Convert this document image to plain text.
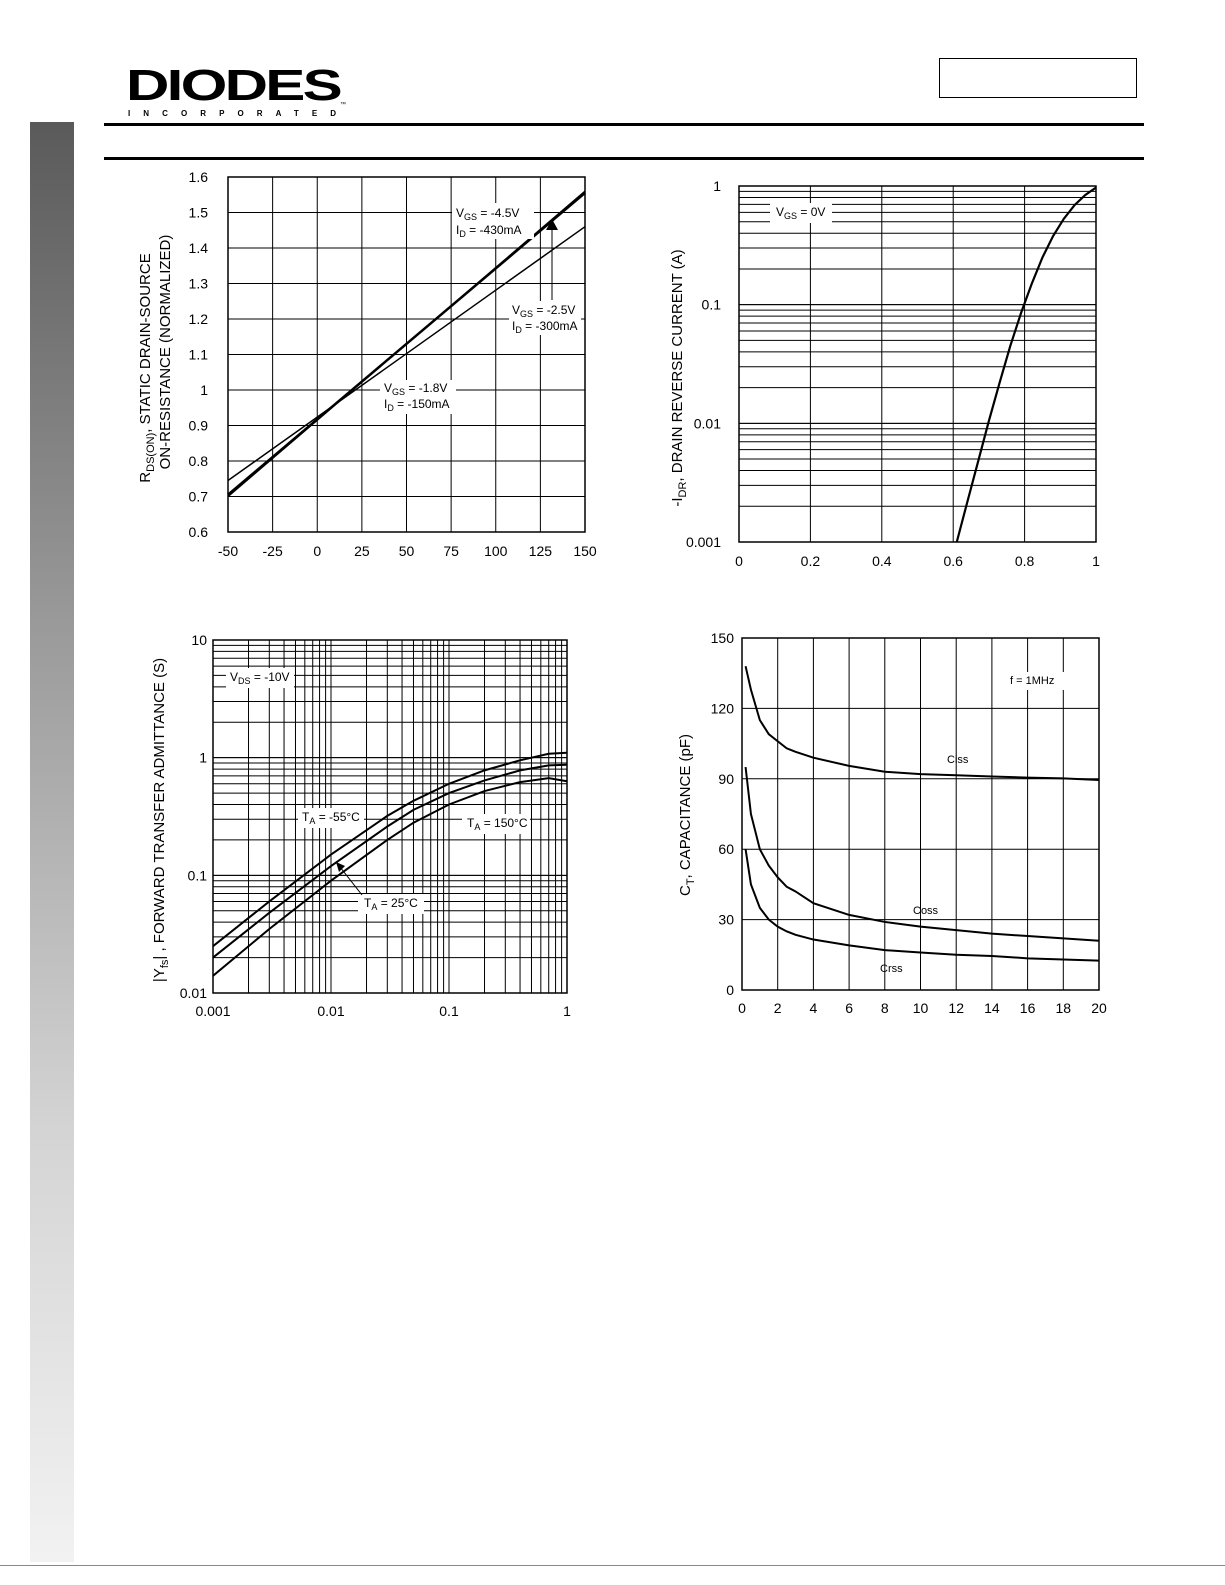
DIODES
INCORPORATED
™
-50 -25 0 25 50 75 100 125 150
0.6
0.7
0.8
0.9
1
1.1
1.2
1.3
1.4
1.5
1.6
$R_{DS(ON)}$, STATIC DRAIN-SOURCE ON-RESISTANCE (NORMALIZED)
$V_{GS} = -4.5V$
$I_D = -430mA$
$V_{GS} = -2.5V$
$I_D = -300mA$
$V_{GS} = -1.8V$
$I_D = -150mA$
0	0.2	0.4	0.6	0.8	1
0.001
0.01
0.1
1
$-I_{DR}$, DRAIN REVERSE CURRENT (A)
$V_{GS} = 0V$
0.001	0.01	0.1	1
0.01
0.1
1
10
$|Y_{fs}|$ , FORWARD TRANSFER ADMITTANCE (S)	$V_{DS} = -10V$
$T_A = -55^\circ C$	$T_A = 150^\circ C$
$T_A = 25^\circ C$
0 2 4 6 8 10 12 14 16 18 20
0
30
60
90
120
150
$C_T$, CAPACITANCE (pF)
f = 1MHz
Ciss
Coss
Crss
